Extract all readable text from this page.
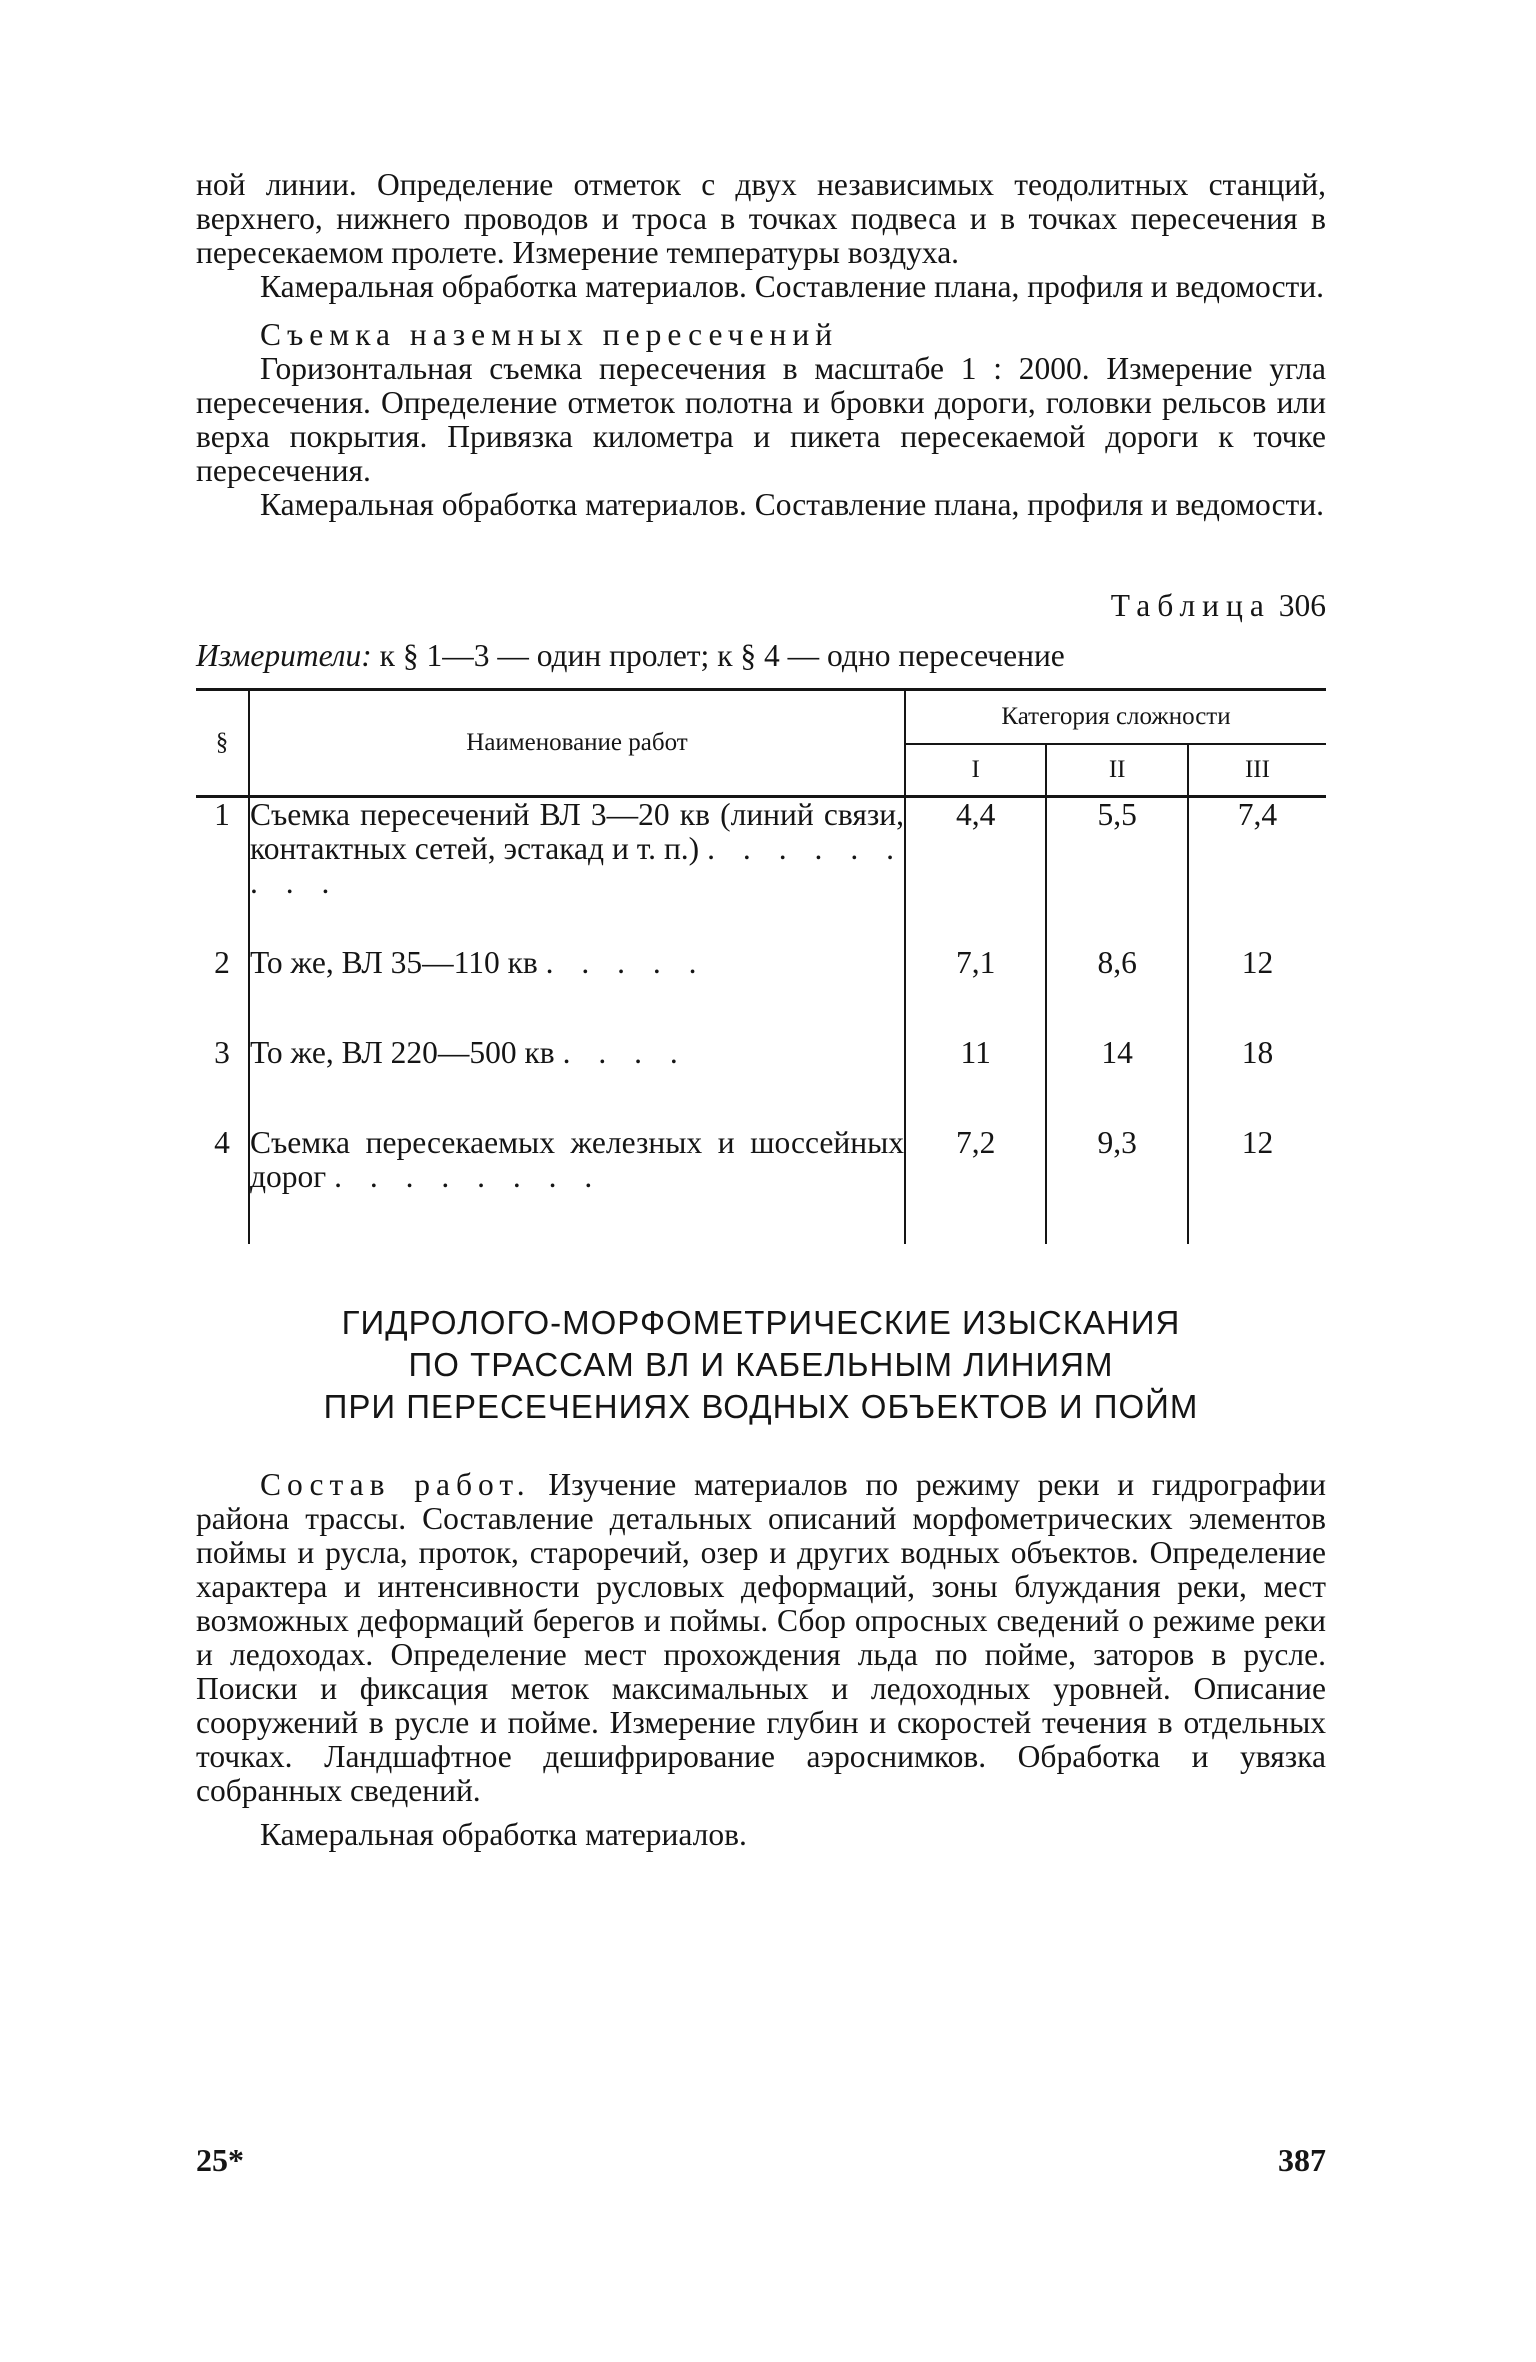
ной линии. Определение отметок с двух независимых теодолитных станций, верхнего, нижнего проводов и троса в точках подвеса и в точках пересечения в пересекаемом пролете. Измерение температуры воздуха.

Камеральная обработка материалов. Составление плана, профиля и ведомости.

Съемка наземных пересечений

Горизонтальная съемка пересечения в масштабе 1 : 2000. Измерение угла пересечения. Определение отметок полотна и бровки дороги, головки рельсов или верха покрытия. Привязка километра и пикета пересекаемой дороги к точке пересечения.

Камеральная обработка материалов. Составление плана, профиля и ведомости.

Таблица 306
Измерители: к § 1—3 — один пролет; к § 4 — одно пересечение
§	Наименование работ	Категория сложности		
		I	II	III
1	Съемка пересечений ВЛ 3—20 кв (линий связи, контактных сетей, эстакад и т. п.) . . . . . . . . .	4,4	5,5	7,4
2	То же, ВЛ 35—110 кв . . . . .	7,1	8,6	12
3	То же, ВЛ 220—500 кв . . . .	11	14	18
4	Съемка пересекаемых железных и шоссейных дорог . . . . . . . .	7,2	9,3	12
ГИДРОЛОГО-МОРФОМЕТРИЧЕСКИЕ ИЗЫСКАНИЯ
ПО ТРАССАМ ВЛ И КАБЕЛЬНЫМ ЛИНИЯМ
ПРИ ПЕРЕСЕЧЕНИЯХ ВОДНЫХ ОБЪЕКТОВ И ПОЙМ

Состав работ. Изучение материалов по режиму реки и гидрографии района трассы. Составление детальных описаний морфометрических элементов поймы и русла, проток, староречий, озер и других водных объектов. Определение характера и интенсивности русловых деформаций, зоны блуждания реки, мест возможных деформаций берегов и поймы. Сбор опросных сведений о режиме реки и ледоходах. Определение мест прохождения льда по пойме, заторов в русле. Поиски и фиксация меток максимальных и ледоходных уровней. Описание сооружений в русле и пойме. Измерение глубин и скоростей течения в отдельных точках. Ландшафтное дешифрирование аэроснимков. Обработка и увязка собранных сведений.

Камеральная обработка материалов.

25*	387
